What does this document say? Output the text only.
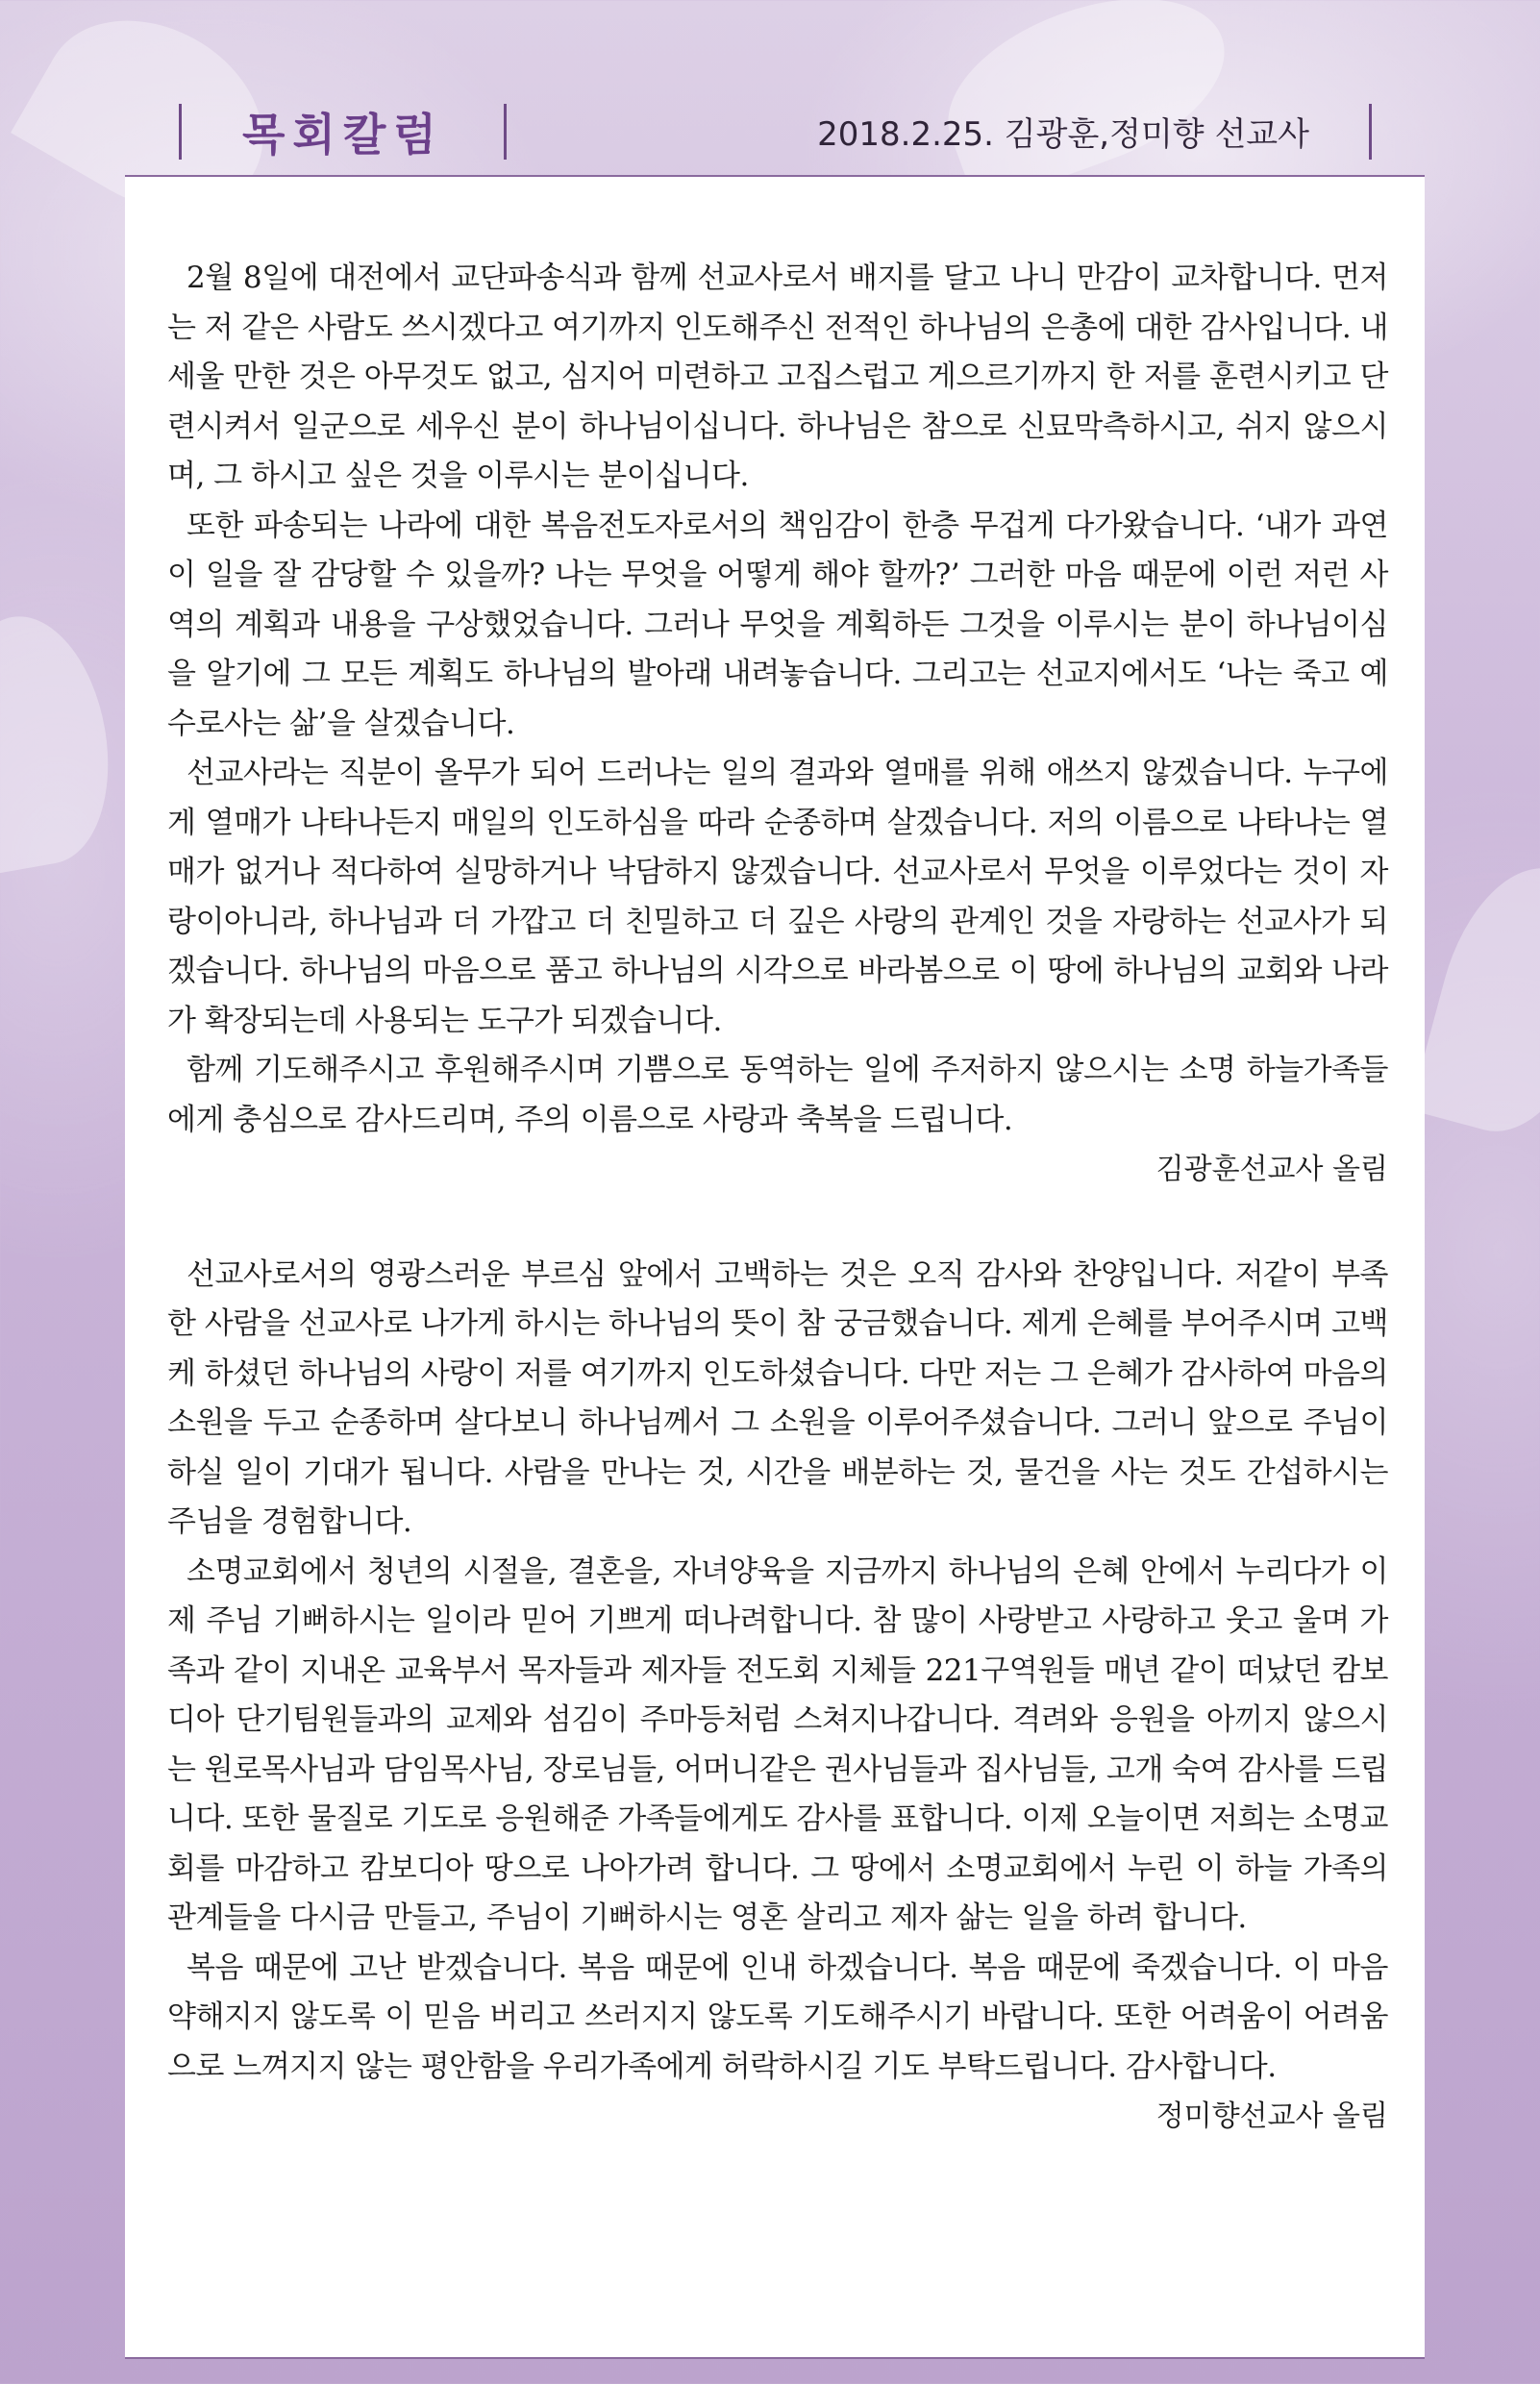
목회칼럼	2018.2.25. 김광훈,정미향 선교사

2월 8일에 대전에서 교단파송식과 함께 선교사로서 배지를 달고 나니 만감이 교차합니다. 먼저는 저 같은 사람도 쓰시겠다고 여기까지 인도해주신 전적인 하나님의 은총에 대한 감사입니다. 내세울 만한 것은 아무것도 없고, 심지어 미련하고 고집스럽고 게으르기까지 한 저를 훈련시키고 단련시켜서 일군으로 세우신 분이 하나님이십니다. 하나님은 참으로 신묘막측하시고, 쉬지 않으시며, 그 하시고 싶은 것을 이루시는 분이십니다.

또한 파송되는 나라에 대한 복음전도자로서의 책임감이 한층 무겁게 다가왔습니다. ‘내가 과연 이 일을 잘 감당할 수 있을까? 나는 무엇을 어떻게 해야 할까?’ 그러한 마음 때문에 이런 저런 사역의 계획과 내용을 구상했었습니다. 그러나 무엇을 계획하든 그것을 이루시는 분이 하나님이심을 알기에 그 모든 계획도 하나님의 발아래 내려놓습니다. 그리고는 선교지에서도 ‘나는 죽고 예수로사는 삶’을 살겠습니다.

선교사라는 직분이 올무가 되어 드러나는 일의 결과와 열매를 위해 애쓰지 않겠습니다. 누구에게 열매가 나타나든지 매일의 인도하심을 따라 순종하며 살겠습니다. 저의 이름으로 나타나는 열매가 없거나 적다하여 실망하거나 낙담하지 않겠습니다. 선교사로서 무엇을 이루었다는 것이 자랑이아니라, 하나님과 더 가깝고 더 친밀하고 더 깊은 사랑의 관계인 것을 자랑하는 선교사가 되겠습니다. 하나님의 마음으로 품고 하나님의 시각으로 바라봄으로 이 땅에 하나님의 교회와 나라가 확장되는데 사용되는 도구가 되겠습니다.

함께 기도해주시고 후원해주시며 기쁨으로 동역하는 일에 주저하지 않으시는 소명 하늘가족들에게 충심으로 감사드리며, 주의 이름으로 사랑과 축복을 드립니다.

김광훈선교사 올림

선교사로서의 영광스러운 부르심 앞에서 고백하는 것은 오직 감사와 찬양입니다. 저같이 부족한 사람을 선교사로 나가게 하시는 하나님의 뜻이 참 궁금했습니다. 제게 은혜를 부어주시며 고백케 하셨던 하나님의 사랑이 저를 여기까지 인도하셨습니다. 다만 저는 그 은혜가 감사하여 마음의 소원을 두고 순종하며 살다보니 하나님께서 그 소원을 이루어주셨습니다. 그러니 앞으로 주님이 하실 일이 기대가 됩니다. 사람을 만나는 것, 시간을 배분하는 것, 물건을 사는 것도 간섭하시는 주님을 경험합니다.

소명교회에서 청년의 시절을, 결혼을, 자녀양육을 지금까지 하나님의 은혜 안에서 누리다가 이제 주님 기뻐하시는 일이라 믿어 기쁘게 떠나려합니다. 참 많이 사랑받고 사랑하고 웃고 울며 가족과 같이 지내온 교육부서 목자들과 제자들 전도회 지체들 221구역원들 매년 같이 떠났던 캄보디아 단기팀원들과의 교제와 섬김이 주마등처럼 스쳐지나갑니다. 격려와 응원을 아끼지 않으시는 원로목사님과 담임목사님, 장로님들, 어머니같은 권사님들과 집사님들, 고개 숙여 감사를 드립니다. 또한 물질로 기도로 응원해준 가족들에게도 감사를 표합니다. 이제 오늘이면 저희는 소명교회를 마감하고 캄보디아 땅으로 나아가려 합니다. 그 땅에서 소명교회에서 누린 이 하늘 가족의 관계들을 다시금 만들고, 주님이 기뻐하시는 영혼 살리고 제자 삶는 일을 하려 합니다.

복음 때문에 고난 받겠습니다. 복음 때문에 인내 하겠습니다. 복음 때문에 죽겠습니다. 이 마음 약해지지 않도록 이 믿음 버리고 쓰러지지 않도록 기도해주시기 바랍니다. 또한 어려움이 어려움으로 느껴지지 않는 평안함을 우리가족에게 허락하시길 기도 부탁드립니다. 감사합니다.

정미향선교사 올림
